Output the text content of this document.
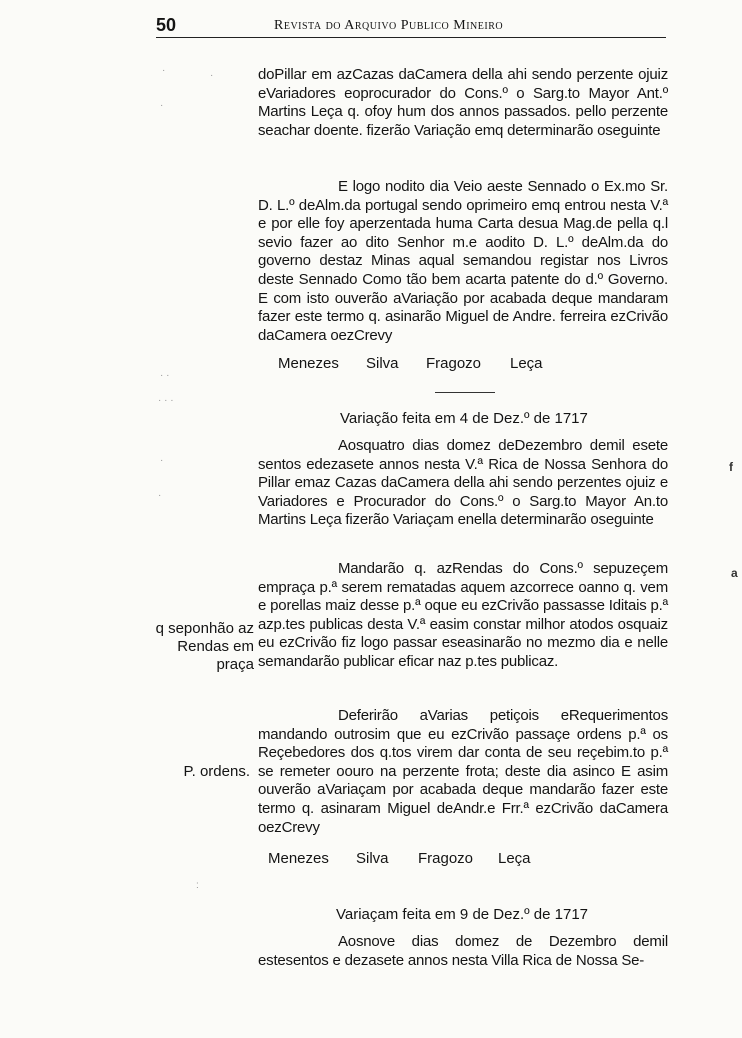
50	Revista do Arquivo Publico Mineiro

doPillar em azCazas daCamera della ahi sendo perzente ojuiz eVariadores eoprocurador do Cons.º o Sarg.to Mayor Ant.º Martins Leça q. ofoy hum dos annos passados. pello perzente seachar doente. fizerão Variação emq determinarão oseguinte

E logo nodito dia Veio aeste Sennado o Ex.mo Sr. D. L.º deAlm.da portugal sendo oprimeiro emq entrou nesta V.ª e por elle foy aperzentada huma Carta desua Mag.de pella q.l sevio fazer ao dito Senhor m.e aodito D. L.º deAlm.da do governo destaz Minas aqual semandou registar nos Livros deste Sennado Como tão bem acarta patente do d.º Governo. E com isto ouverão aVariação por acabada deque mandaram fazer este termo q. asinarão Miguel de Andre. ferreira ezCrivão daCamera oezCrevy

Menezes Silva Fragozo Leça
Variação feita em 4 de Dez.º de 1717

Aosquatro dias domez deDezembro demil esete sentos edezasete annos nesta V.ª Rica de Nossa Senhora do Pillar emaz Cazas daCamera della ahi sendo perzentes ojuiz e Variadores e Procurador do Cons.º o Sarg.to Mayor An.to Martins Leça fizerão Variaçam enella determinarão oseguinte

Mandarão q. azRendas do Cons.º sepuzeçem empraça p.ª serem rematadas aquem azcorrece oanno q. vem e porellas maiz desse p.ª oque eu ezCrivão passasse Iditais p.ª azp.tes publicas desta V.ª easim constar milhor atodos osquaiz eu ezCrivão fiz logo passar eseasinarão no mezmo dia e nelle semandarão publicar eficar naz p.tes publicaz.

Deferirão aVarias petiçois eRequerimentos mandando outrosim que eu ezCrivão passaçe ordens p.ª os Reçebedores dos q.tos virem dar conta de seu reçebim.to p.ª se remeter oouro na perzente frota; deste dia asinco E asim ouverão aVariaçam por acabada deque mandarão fazer este termo q. asinaram Miguel deAndr.e Frr.ª ezCrivão daCamera oezCrevy

Menezes Silva Fragozo Leça
Variaçam feita em 9 de Dez.º de 1717

Aosnove dias domez de Dezembro demil estesentos e dezasete annos nesta Villa Rica de Nossa Se-

q seponhão az
Rendas em
praça
P. ordens.
f
a
·	·
·
· ·
· · ·
·
·
:
